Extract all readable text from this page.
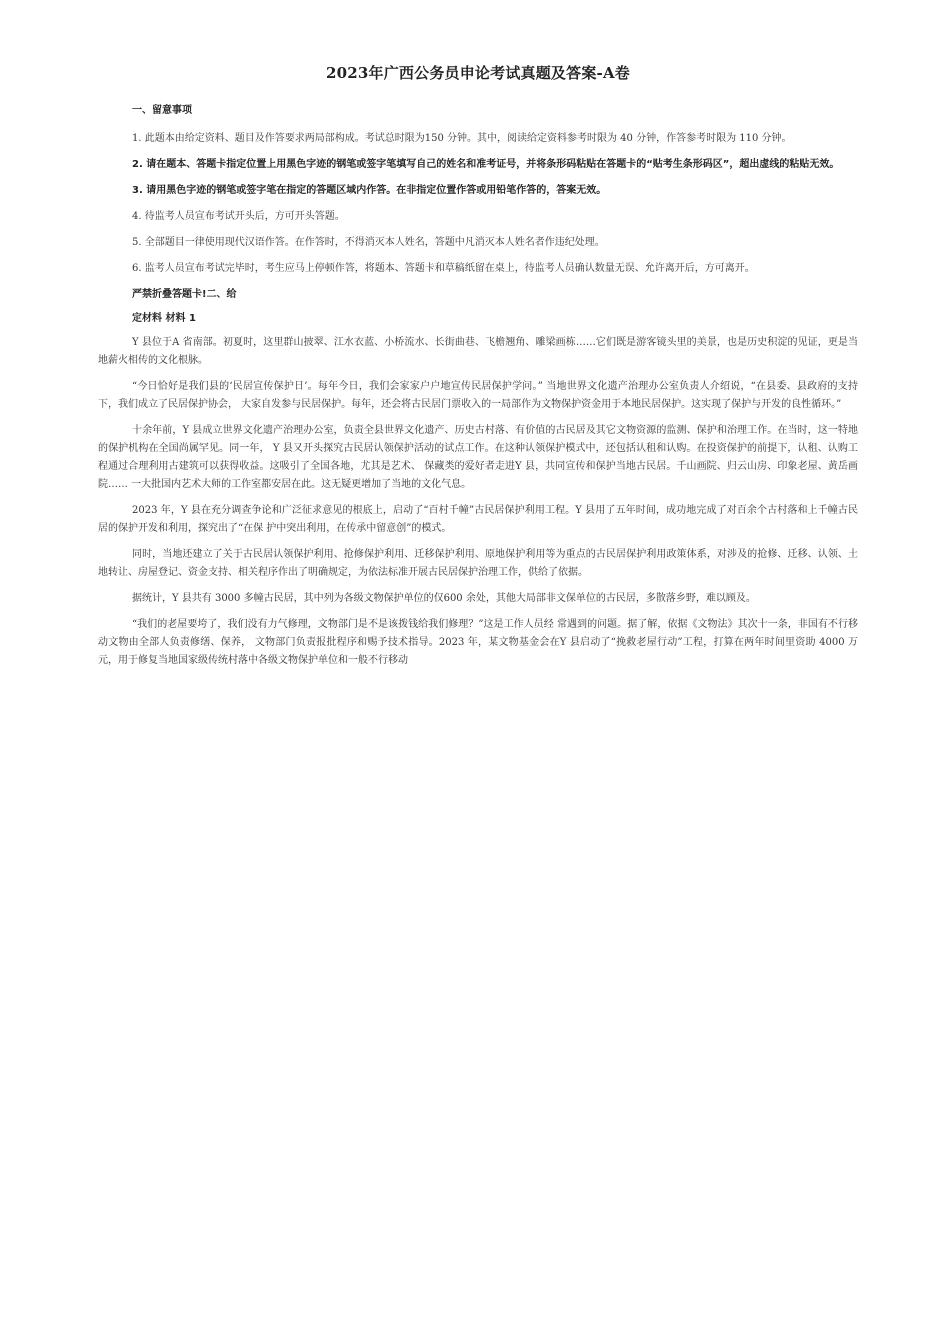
2023年广西公务员申论考试真题及答案-A卷
一、留意事项

1. 此题本由给定资料、题目及作答要求两局部构成。考试总时限为150 分钟。其中，阅读给定资料参考时限为 40 分钟，作答参考时限为 110 分钟。

2. 请在题本、答题卡指定位置上用黑色字迹的钢笔或签字笔填写自己的姓名和准考证号，并将条形码粘贴在答题卡的“贴考生条形码区”，超出虚线的粘贴无效。

3. 请用黑色字迹的钢笔或签字笔在指定的答题区域内作答。在非指定位置作答或用铅笔作答的，答案无效。

4. 待监考人员宣布考试开头后，方可开头答题。

5. 全部题目一律使用现代汉语作答。在作答时，不得消灭本人姓名，答题中凡消灭本人姓名者作违纪处理。

6. 监考人员宣布考试完毕时，考生应马上停顿作答，将题本、答题卡和草稿纸留在桌上，待监考人员确认数量无误、允许离开后，方可离开。

严禁折叠答题卡!二、给
定材料 材料 1

Y 县位于A 省南部。初夏时，这里群山披翠、江水衣蓝、小桥流水、长街曲巷、飞檐翘角、雕梁画栋……它们既是游客镜头里的美景，也是历史积淀的见证，更是当地薪火相传的文化根脉。

“今日恰好是我们县的‘民居宣传保护日’。每年今日，我们会家家户户地宣传民居保护学问。” 当地世界文化遗产治理办公室负责人介绍说，“在县委、县政府的支持下，我们成立了民居保护协会， 大家自发参与民居保护。每年，还会将古民居门票收入的一局部作为文物保护资金用于本地民居保护。这实现了保护与开发的良性循环。”

十余年前，Y 县成立世界文化遗产治理办公室，负责全县世界文化遗产、历史古村落、有价值的古民居及其它文物资源的监测、保护和治理工作。在当时，这一特地的保护机构在全国尚属罕见。同一年， Y 县又开头探究古民居认领保护活动的试点工作。在这种认领保护模式中，还包括认租和认购。在投资保护的前提下，认租、认购工程通过合理利用古建筑可以获得收益。这吸引了全国各地，尤其是艺术、 保藏类的爱好者走进Y 县，共同宣传和保护当地古民居。千山画院、归云山房、印象老屋、黄岳画院…… 一大批国内艺术大师的工作室都安居在此。这无疑更增加了当地的文化气息。

2023 年，Y 县在充分调查争论和广泛征求意见的根底上，启动了“百村千幢”古民居保护利用工程。Y 县用了五年时间，成功地完成了对百余个古村落和上千幢古民居的保护开发和利用，探究出了“在保 护中突出利用，在传承中留意创”的模式。

同时，当地还建立了关于古民居认领保护利用、抢修保护利用、迁移保护利用、原地保护利用等为重点的古民居保护利用政策体系，对涉及的抢修、迁移、认领、土地转让、房屋登记、资金支持、相关程序作出了明确规定，为依法标准开展古民居保护治理工作，供给了依据。

据统计，Y 县共有 3000 多幢古民居，其中列为各级文物保护单位的仅600 余处，其他大局部非文保单位的古民居，多散落乡野，难以顾及。

“我们的老屋要垮了，我们没有力气修理，文物部门是不是该拨钱给我们修理？”这是工作人员经 常遇到的问题。据了解，依据《文物法》其次十一条，非国有不行移动文物由全部人负责修缮、保养， 文物部门负责报批程序和赐予技术指导。2023 年，某文物基金会在Y 县启动了“挽救老屋行动”工程，打算在两年时间里资助 4000 万元，用于修复当地国家级传统村落中各级文物保护单位和一般不行移动
